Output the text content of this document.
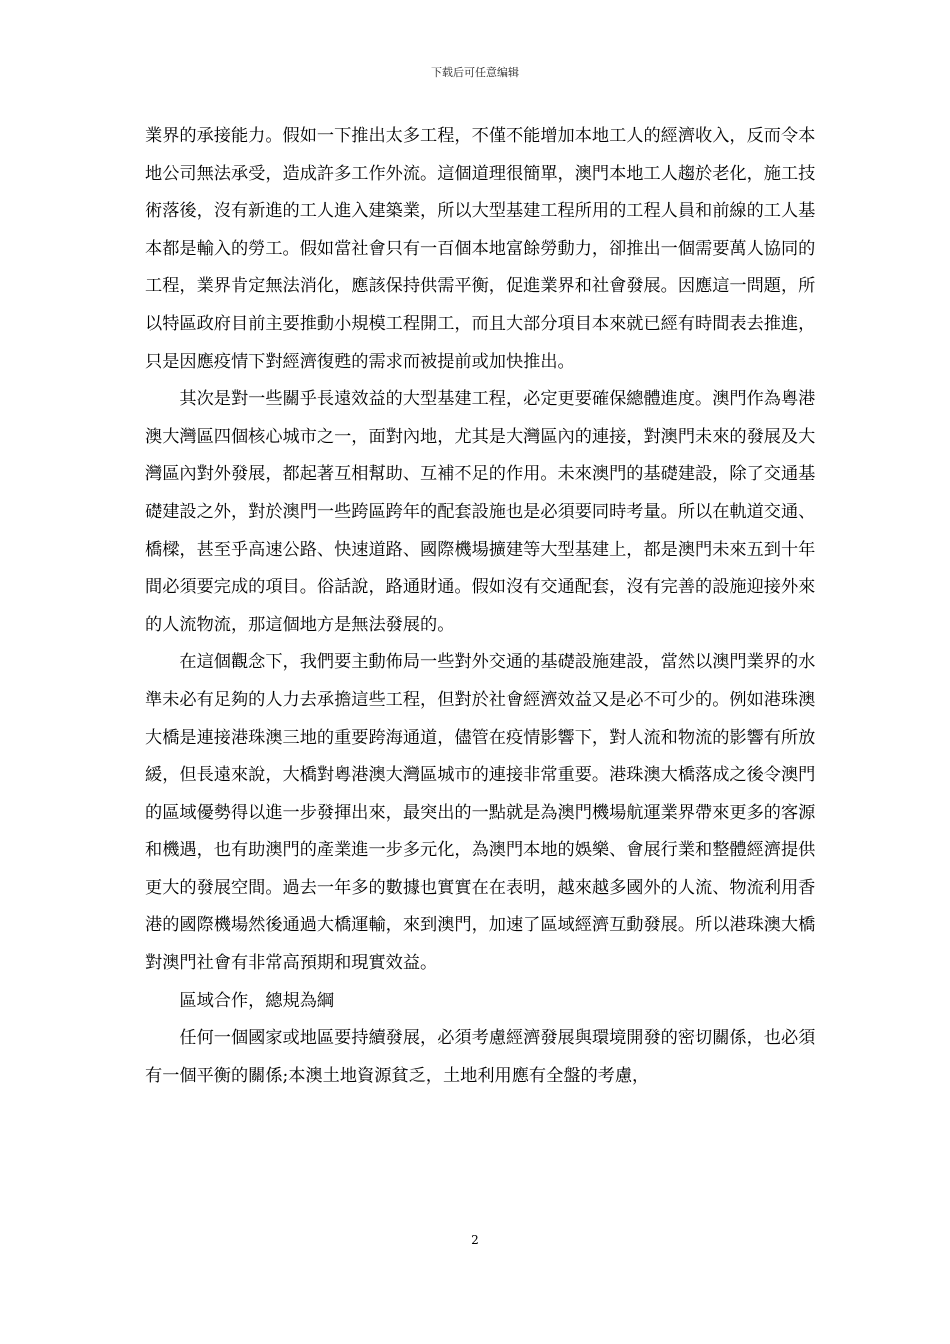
下载后可任意编辑

業界的承接能力。假如一下推出太多工程，不僅不能增加本地工人的經濟收入，反而令本地公司無法承受，造成許多工作外流。這個道理很簡單，澳門本地工人趨於老化，施工技術落後，沒有新進的工人進入建築業，所以大型基建工程所用的工程人員和前線的工人基本都是輸入的勞工。假如當社會只有一百個本地富餘勞動力，卻推出一個需要萬人協同的工程，業界肯定無法消化，應該保持供需平衡，促進業界和社會發展。因應這一問題，所以特區政府目前主要推動小規模工程開工，而且大部分項目本來就已經有時間表去推進，只是因應疫情下對經濟復甦的需求而被提前或加快推出。

其次是對一些關乎長遠效益的大型基建工程，必定更要確保總體進度。澳門作為粵港澳大灣區四個核心城市之一，面對內地，尤其是大灣區內的連接，對澳門未來的發展及大灣區內對外發展，都起著互相幫助、互補不足的作用。未來澳門的基礎建設，除了交通基礎建設之外，對於澳門一些跨區跨年的配套設施也是必須要同時考量。所以在軌道交通、橋樑，甚至乎高速公路、快速道路、國際機場擴建等大型基建上，都是澳門未來五到十年間必須要完成的項目。俗話說，路通財通。假如沒有交通配套，沒有完善的設施迎接外來的人流物流，那這個地方是無法發展的。

在這個觀念下，我們要主動佈局一些對外交通的基礎設施建設，當然以澳門業界的水準未必有足夠的人力去承擔這些工程，但對於社會經濟效益又是必不可少的。例如港珠澳大橋是連接港珠澳三地的重要跨海通道，儘管在疫情影響下，對人流和物流的影響有所放緩，但長遠來說，大橋對粵港澳大灣區城市的連接非常重要。港珠澳大橋落成之後令澳門的區域優勢得以進一步發揮出來，最突出的一點就是為澳門機場航運業界帶來更多的客源和機遇，也有助澳門的產業進一步多元化，為澳門本地的娛樂、會展行業和整體經濟提供更大的發展空間。過去一年多的數據也實實在在表明，越來越多國外的人流、物流利用香港的國際機場然後通過大橋運輸，來到澳門，加速了區域經濟互動發展。所以港珠澳大橋對澳門社會有非常高預期和現實效益。

區域合作，總規為綱

任何一個國家或地區要持續發展，必須考慮經濟發展與環境開發的密切關係，也必須有一個平衡的關係;本澳土地資源貧乏，土地利用應有全盤的考慮，

2
